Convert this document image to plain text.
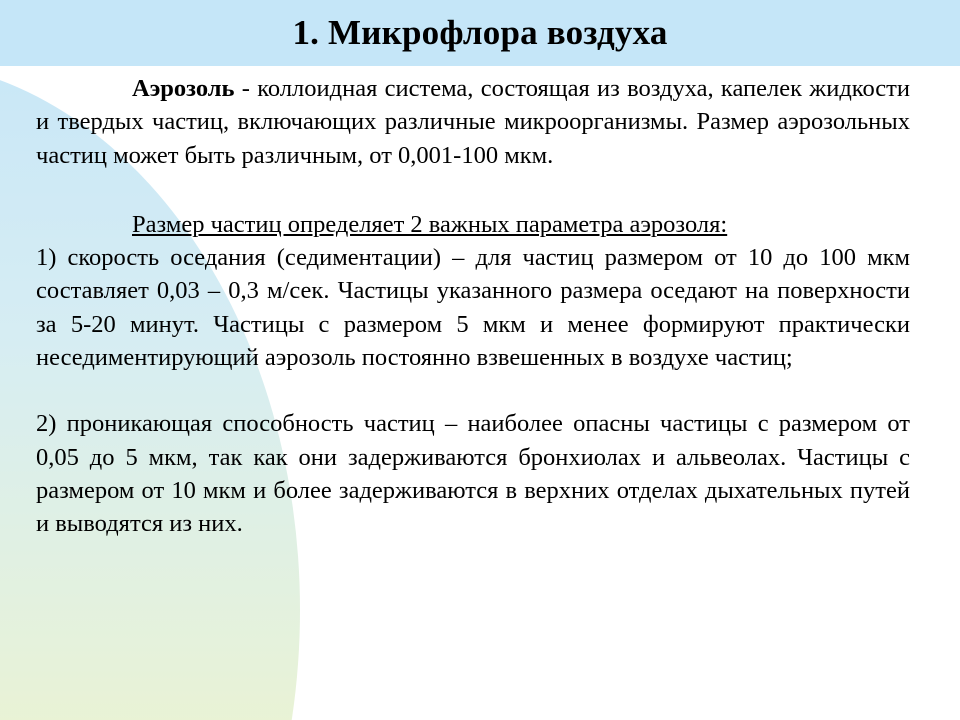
1. Микрофлора воздуха

Аэрозоль - коллоидная система, состоящая из воздуха, капелек жидкости и твердых частиц, включающих различные микроорганизмы. Размер аэрозольных частиц может быть различным, от 0,001-100 мкм.

Размер частиц определяет 2 важных параметра аэрозоля:

1) скорость оседания (седиментации) – для частиц размером от 10 до 100 мкм составляет 0,03 – 0,3 м/сек. Частицы указанного размера оседают на поверхности за 5-20 минут. Частицы с размером 5 мкм и менее формируют практически неседиментирующий аэрозоль постоянно взвешенных в воздухе частиц;

2) проникающая способность частиц – наиболее опасны частицы с размером от 0,05 до 5 мкм, так как они задерживаются бронхиолах и альвеолах. Частицы с размером от 10 мкм и более задерживаются в верхних отделах дыхательных путей и выводятся из них.
